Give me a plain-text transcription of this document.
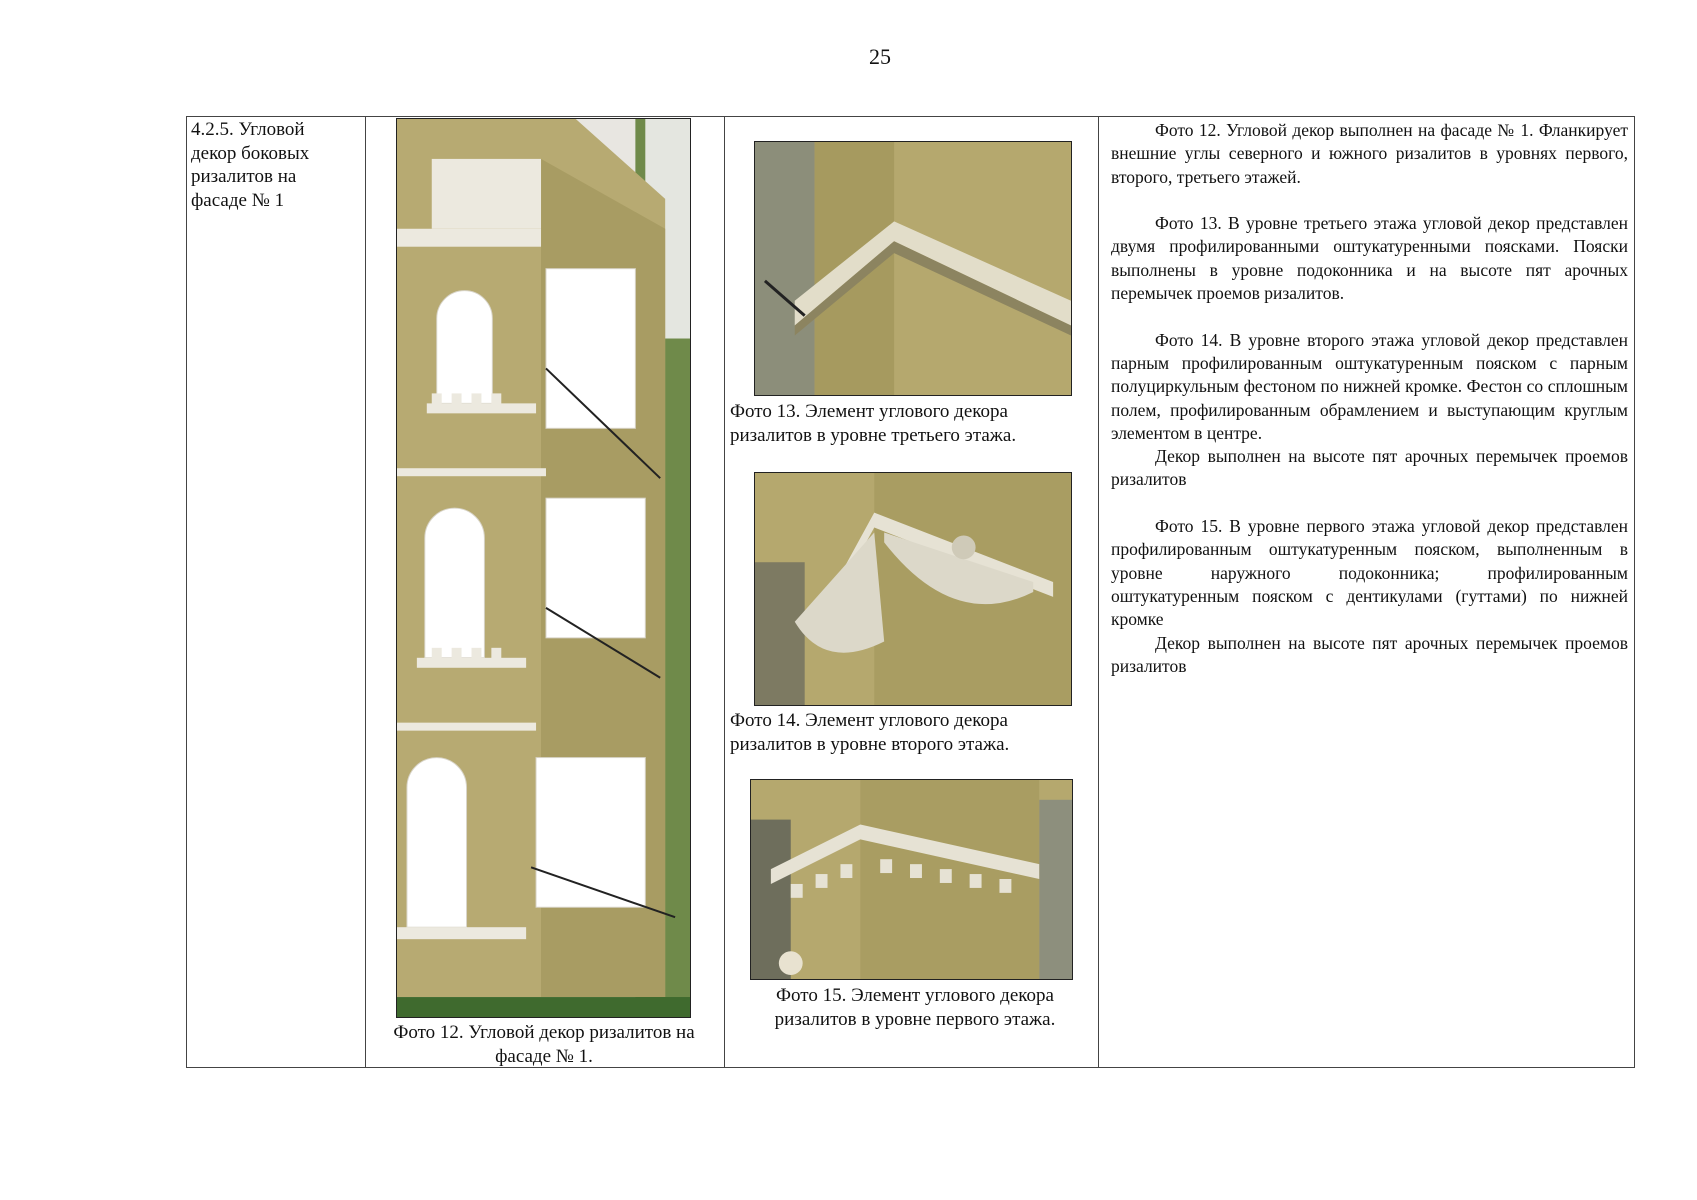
25
4.2.5. Угловой
декор боковых
ризалитов на
фасаде № 1

Фото 12. Угловой декор ризалитов на фасаде № 1.

Фото 13. Элемент углового декора ризалитов в уровне третьего этажа.
Фото 14. Элемент углового декора ризалитов в уровне второго этажа.
Фото 15. Элемент углового декора ризалитов в уровне первого этажа.

Фото 12. Угловой декор выполнен на фасаде № 1. Фланкирует внешние углы северного и южного ризалитов в уровнях первого, второго, третьего этажей.

Фото 13. В уровне третьего этажа угловой декор представлен двумя профилированными оштукатуренными поясками. Пояски выполнены в уровне подоконника и на высоте пят арочных перемычек проемов ризалитов.

Фото 14. В уровне второго этажа угловой декор представлен парным профилированным оштукатуренным пояском с парным полуциркульным фестоном по нижней кромке. Фестон со сплошным полем, профилированным обрамлением и выступающим круглым элементом в центре.

Декор выполнен на высоте пят арочных перемычек проемов ризалитов

Фото 15. В уровне первого этажа угловой декор представлен профилированным оштукатуренным пояском, выполненным в уровне наружного подоконника; профилированным оштукатуренным пояском с дентикулами (гуттами) по нижней кромке

Декор выполнен на высоте пят арочных перемычек проемов ризалитов
